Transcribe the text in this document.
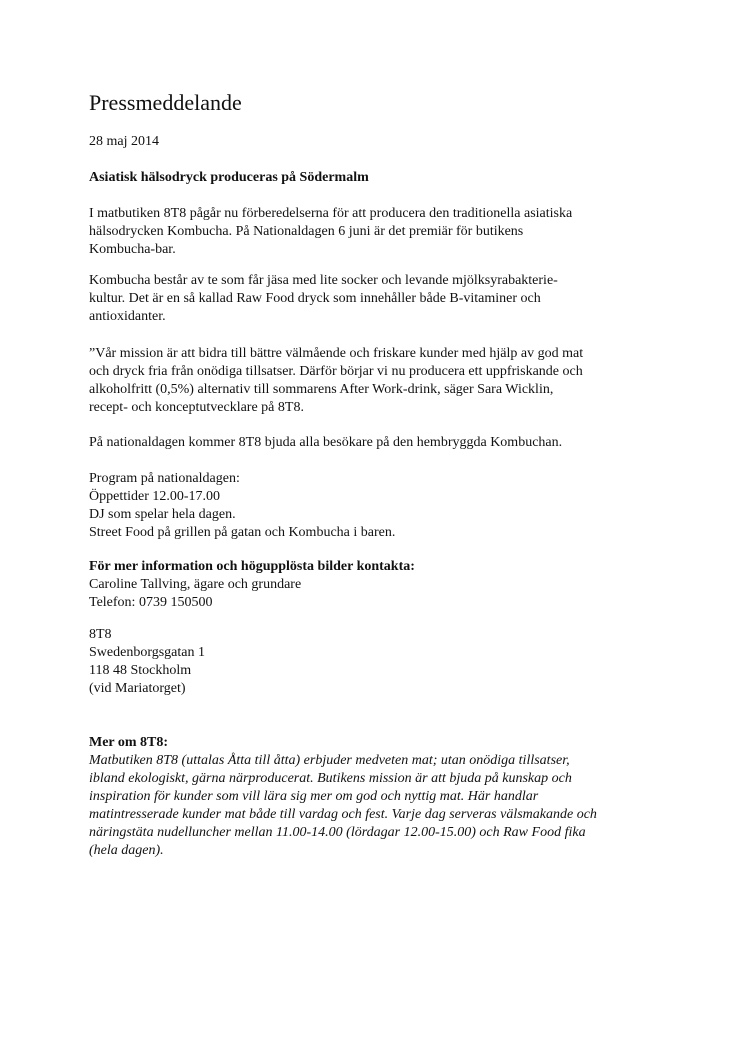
Pressmeddelande

28 maj 2014

Asiatisk hälsodryck produceras på Södermalm

I matbutiken 8T8 pågår nu förberedelserna för att producera den traditionella asiatiska
hälsodrycken Kombucha. På Nationaldagen 6 juni är det premiär för butikens
Kombucha-bar.

Kombucha består av te som får jäsa med lite socker och levande mjölksyrabakterie-
kultur. Det är en så kallad Raw Food dryck som innehåller både B-vitaminer och
antioxidanter.

”Vår mission är att bidra till bättre välmående och friskare kunder med hjälp av god mat
och dryck fria från onödiga tillsatser. Därför börjar vi nu producera ett uppfriskande och
alkoholfritt (0,5%) alternativ till sommarens After Work-drink, säger Sara Wicklin,
recept- och konceptutvecklare på 8T8.

På nationaldagen kommer 8T8 bjuda alla besökare på den hembryggda Kombuchan.

Program på nationaldagen:
Öppettider 12.00-17.00
DJ som spelar hela dagen.
Street Food på grillen på gatan och Kombucha i baren.

För mer information och högupplösta bilder kontakta:
Caroline Tallving, ägare och grundare
Telefon: 0739 150500

8T8
Swedenborgsgatan 1
118 48 Stockholm
(vid Mariatorget)

Mer om 8T8:
Matbutiken 8T8 (uttalas Åtta till åtta) erbjuder medveten mat; utan onödiga tillsatser,
ibland ekologiskt, gärna närproducerat. Butikens mission är att bjuda på kunskap och
inspiration för kunder som vill lära sig mer om god och nyttig mat. Här handlar
matintresserade kunder mat både till vardag och fest. Varje dag serveras välsmakande och
näringstäta nudelluncher mellan 11.00-14.00 (lördagar 12.00-15.00) och Raw Food fika
(hela dagen).
